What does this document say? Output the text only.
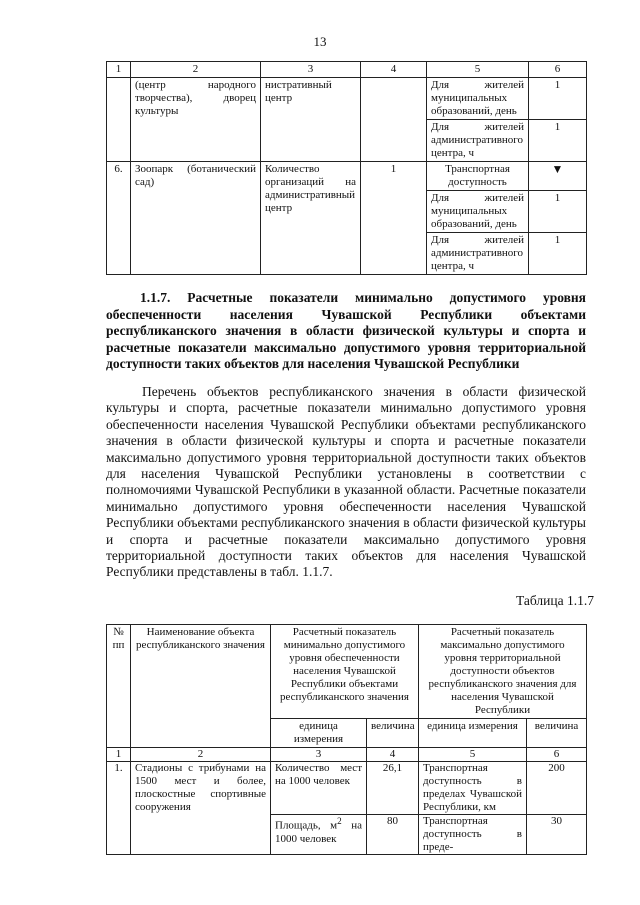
13
1	2	3	4	5	6
	(центр народного творчества), дворец культуры	нистративный центр		Для жителей муниципальных образований, день	1
				Для жителей административного центра, ч	1
6.	Зоопарк (ботанический сад)	Количество организаций на административный центр	1	Транспортная доступность	▼
				Для жителей муниципальных образований, день	1
				Для жителей административного центра, ч	1

1.1.7. Расчетные показатели минимально допустимого уровня обеспеченности населения Чувашской Республики объектами республиканского значения в области физической культуры и спорта и расчетные показатели максимально допустимого уровня территориальной доступности таких объектов для населения Чувашской Республики

Перечень объектов республиканского значения в области физической культуры и спорта, расчетные показатели минимально допустимого уровня обеспеченности населения Чувашской Республики объектами республиканского значения в области физической культуры и спорта и расчетные показатели максимально допустимого уровня территориальной доступности таких объектов для населения Чувашской Республики установлены в соответствии с полномочиями Чувашской Республики в указанной области. Расчетные показатели минимально допустимого уровня обеспеченности населения Чувашской Республики объектами республиканского значения в области физической культуры и спорта и расчетные показатели максимально допустимого уровня территориальной доступности таких объектов для населения Чувашской Республики представлены в табл. 1.1.7.

Таблица 1.1.7
№ пп	Наименование объекта республиканского значения	Расчетный показатель минимально допустимого уровня обеспеченности населения Чувашской Республики объектами республиканского значения		Расчетный показатель максимально допустимого уровня территориальной доступности объектов республиканского значения для населения Чувашской Республики	
		единица измерения	величина	единица измерения	величина
1	2	3	4	5	6
1.	Стадионы с трибунами на 1500 мест и более, плоскостные спортивные сооружения	Количество мест на 1000 человек	26,1	Транспортная доступность в пределах Чувашской Республики, км	200
		Площадь, $м^2$ на 1000 человек	80	Транспортная доступность в преде-	30
